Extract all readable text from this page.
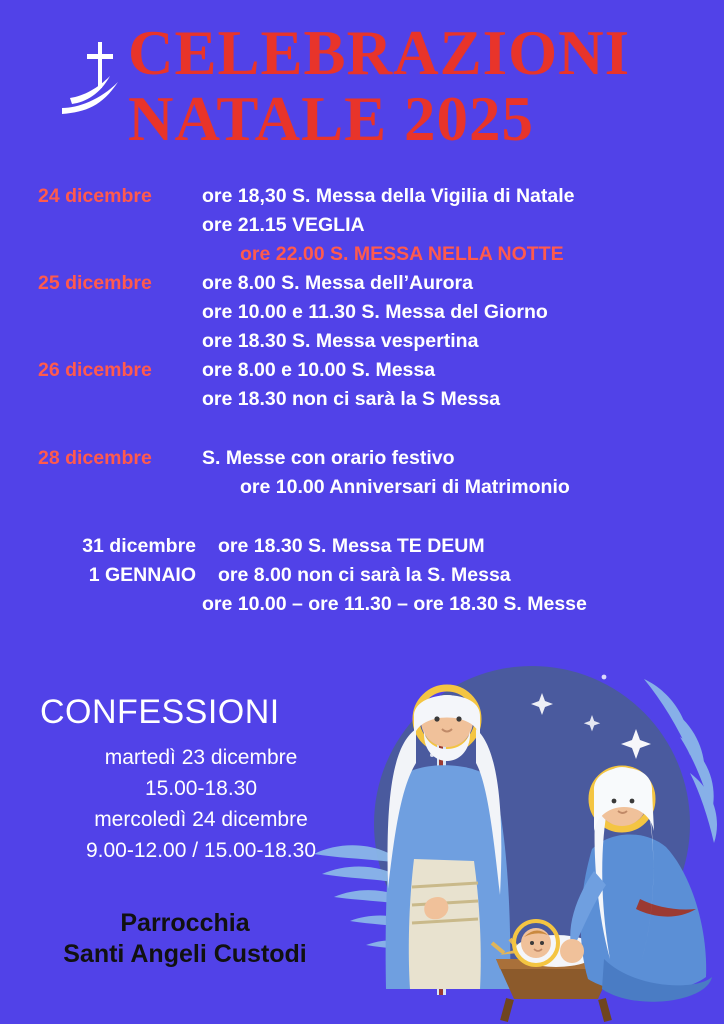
CELEBRAZIONI
NATALE 2025
24 dicembre	ore 18,30 S. Messa della Vigilia di Natale
ore 21.15 VEGLIA
ore 22.00 S. MESSA NELLA NOTTE
25 dicembre	ore 8.00 S. Messa dell’Aurora
ore 10.00 e 11.30 S. Messa del Giorno
ore 18.30 S. Messa vespertina
26 dicembre	ore 8.00 e 10.00 S. Messa
ore 18.30 non ci sarà la S Messa
28 dicembre	S. Messe con orario festivo
ore 10.00 Anniversari di Matrimonio
31 dicembre	ore 18.30 S. Messa TE DEUM
1 GENNAIO	ore 8.00 non ci sarà la S. Messa
ore 10.00 – ore 11.30 – ore 18.30 S. Messe
CONFESSIONI
martedì 23 dicembre
15.00-18.30
mercoledì 24 dicembre
9.00-12.00 / 15.00-18.30
Parrocchia
Santi Angeli Custodi
